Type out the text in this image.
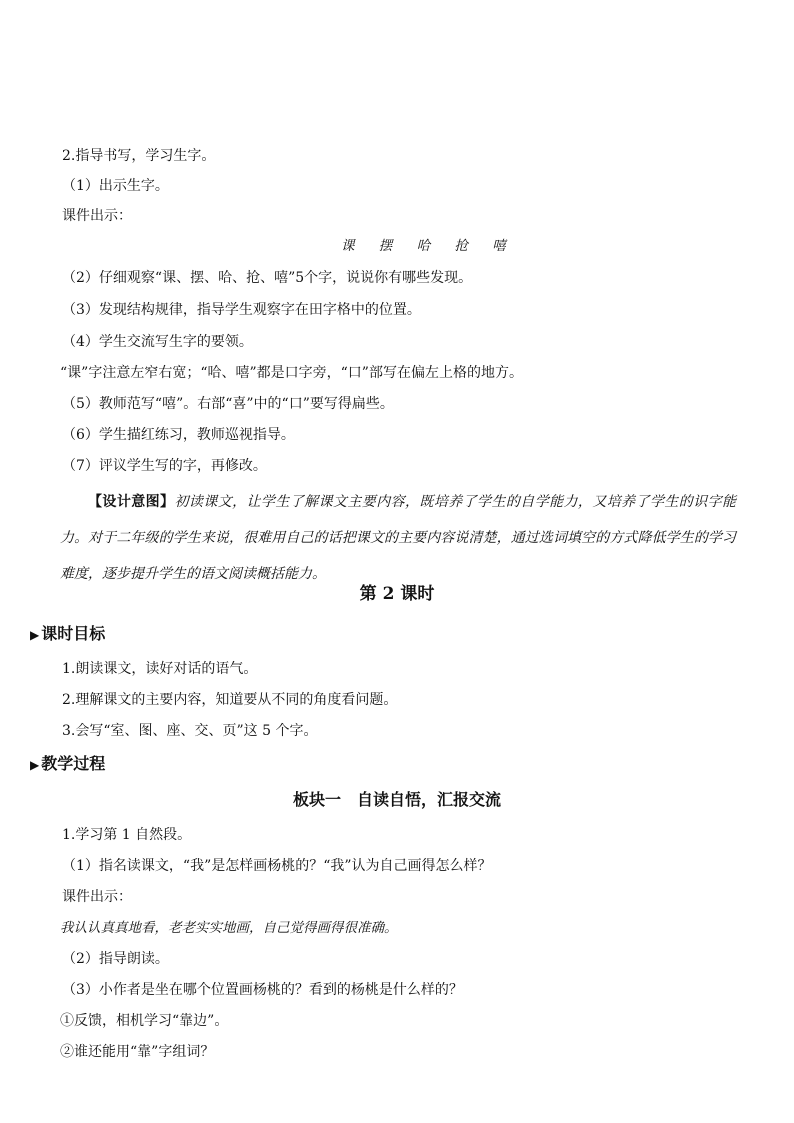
2.指导书写，学习生字。
（1）出示生字。
课件出示：
课 摆 哈 抢 嘻
（2）仔细观察“课、摆、哈、抢、嘻”5个字，说说你有哪些发现。
（3）发现结构规律，指导学生观察字在田字格中的位置。
（4）学生交流写生字的要领。
“课”字注意左窄右宽；“哈、嘻”都是口字旁，“口”部写在偏左上格的地方。
（5）教师范写“嘻”。右部“喜”中的“口”要写得扁些。
（6）学生描红练习，教师巡视指导。
（7）评议学生写的字，再修改。
【设计意图】初读课文，让学生了解课文主要内容，既培养了学生的自学能力，又培养了学生的识字能力。对于二年级的学生来说，很难用自己的话把课文的主要内容说清楚，通过选词填空的方式降低学生的学习难度，逐步提升学生的语文阅读概括能力。
第 2 课时
▶ 课时目标
1.朗读课文，读好对话的语气。
2.理解课文的主要内容，知道要从不同的角度看问题。
3.会写“室、图、座、交、页”这 5 个字。
▶ 教学过程
板块一　自读自悟，汇报交流
1.学习第 1 自然段。
（1）指名读课文，“我”是怎样画杨桃的？“我”认为自己画得怎么样？
课件出示：
我认认真真地看，老老实实地画，自己觉得画得很准确。
（2）指导朗读。
（3）小作者是坐在哪个位置画杨桃的？看到的杨桃是什么样的？
①反馈，相机学习“靠边”。
②谁还能用“靠”字组词？
